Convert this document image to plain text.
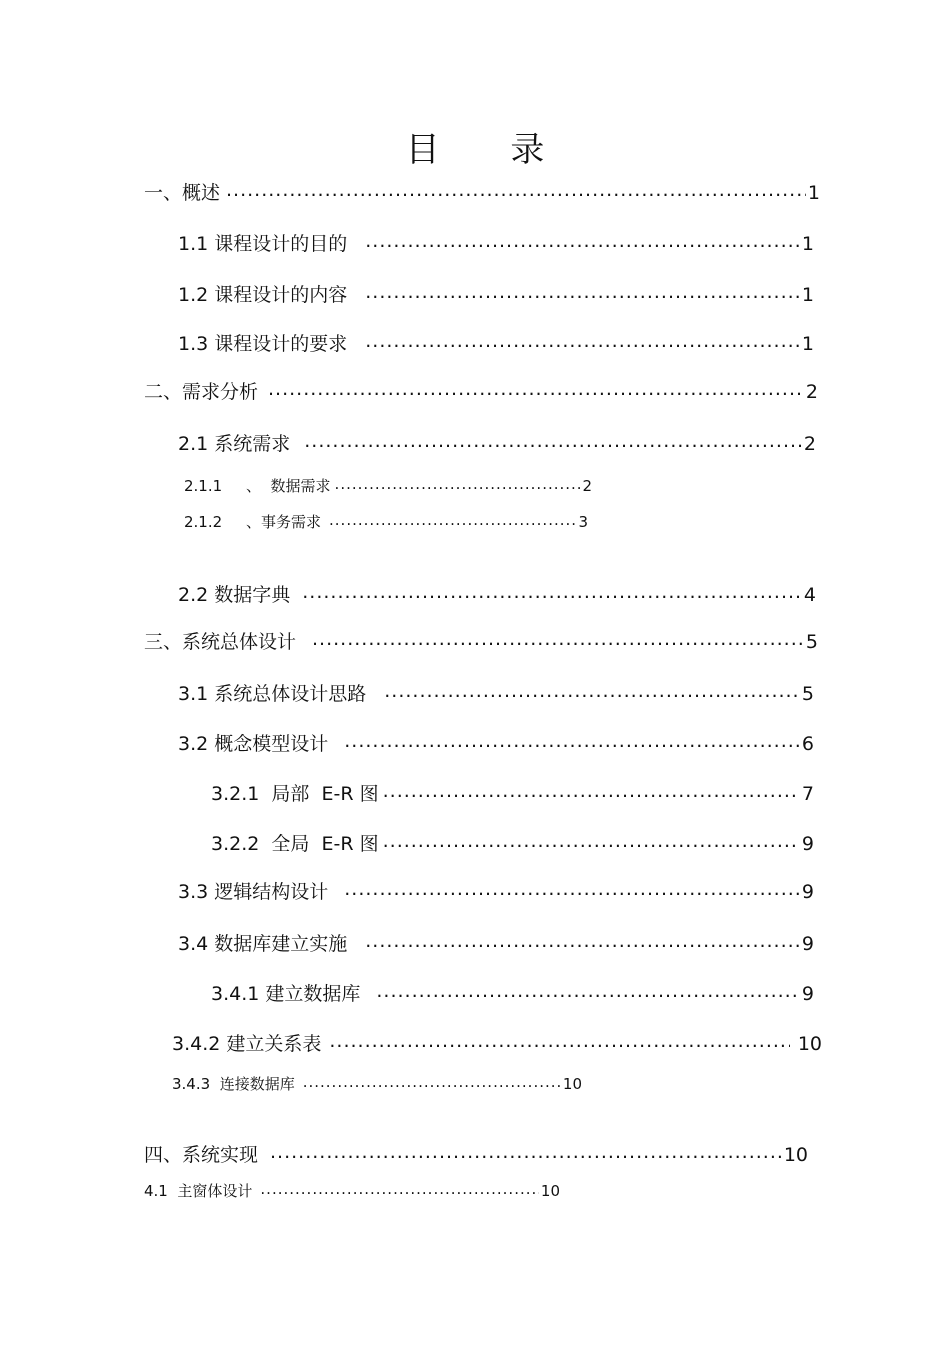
目 录
一、概述 .....	1
1.1 课程设计的目的 .....	1
1.2 课程设计的内容 .....	1
1.3 课程设计的要求 .....	1
二、需求分析 .....	2
2.1 系统需求 .....	2
2.1.1     、  数据需求 .....	2
2.1.2     、事务需求 .....	3
2.2 数据字典 .....	4
三、系统总体设计 .....	5
3.1 系统总体设计思路 .....	5
3.2 概念模型设计 .....	6
3.2.1  局部  E-R 图 .....	7
3.2.2  全局  E-R 图 .....	9
3.3 逻辑结构设计 .....	9
3.4 数据库建立实施 .....	9
3.4.1 建立数据库 .....	9
3.4.2 建立关系表 .....	10
3.4.3  连接数据库 .....	10
四、系统实现 .....	10
4.1  主窗体设计 .....	10
